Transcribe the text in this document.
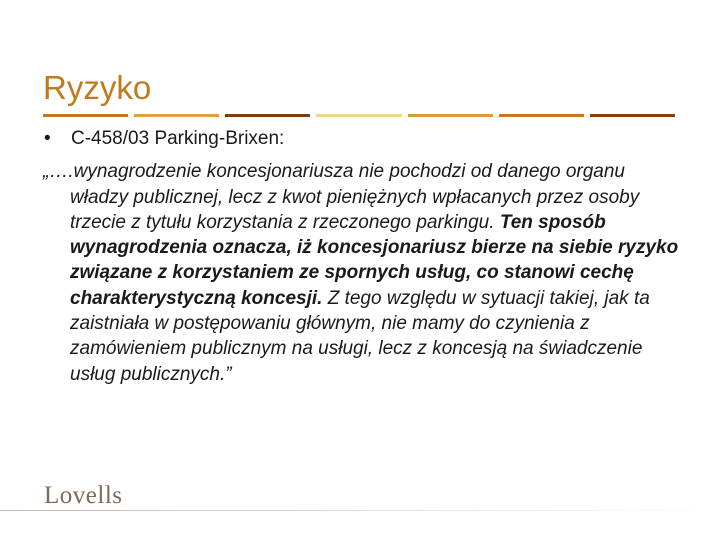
Ryzyko
• C-458/03 Parking-Brixen:
„….wynagrodzenie koncesjonariusza nie pochodzi od danego organu władzy publicznej, lecz z kwot pieniężnych wpłacanych przez osoby trzecie z tytułu korzystania z rzeczonego parkingu. Ten sposób wynagrodzenia oznacza, iż koncesjonariusz bierze na siebie ryzyko związane z korzystaniem ze spornych usług, co stanowi cechę charakterystyczną koncesji. Z tego względu w sytuacji takiej, jak ta zaistniała w postępowaniu głównym, nie mamy do czynienia z zamówieniem publicznym na usługi, lecz z koncesją na świadczenie usług publicznych.”
Lovells
